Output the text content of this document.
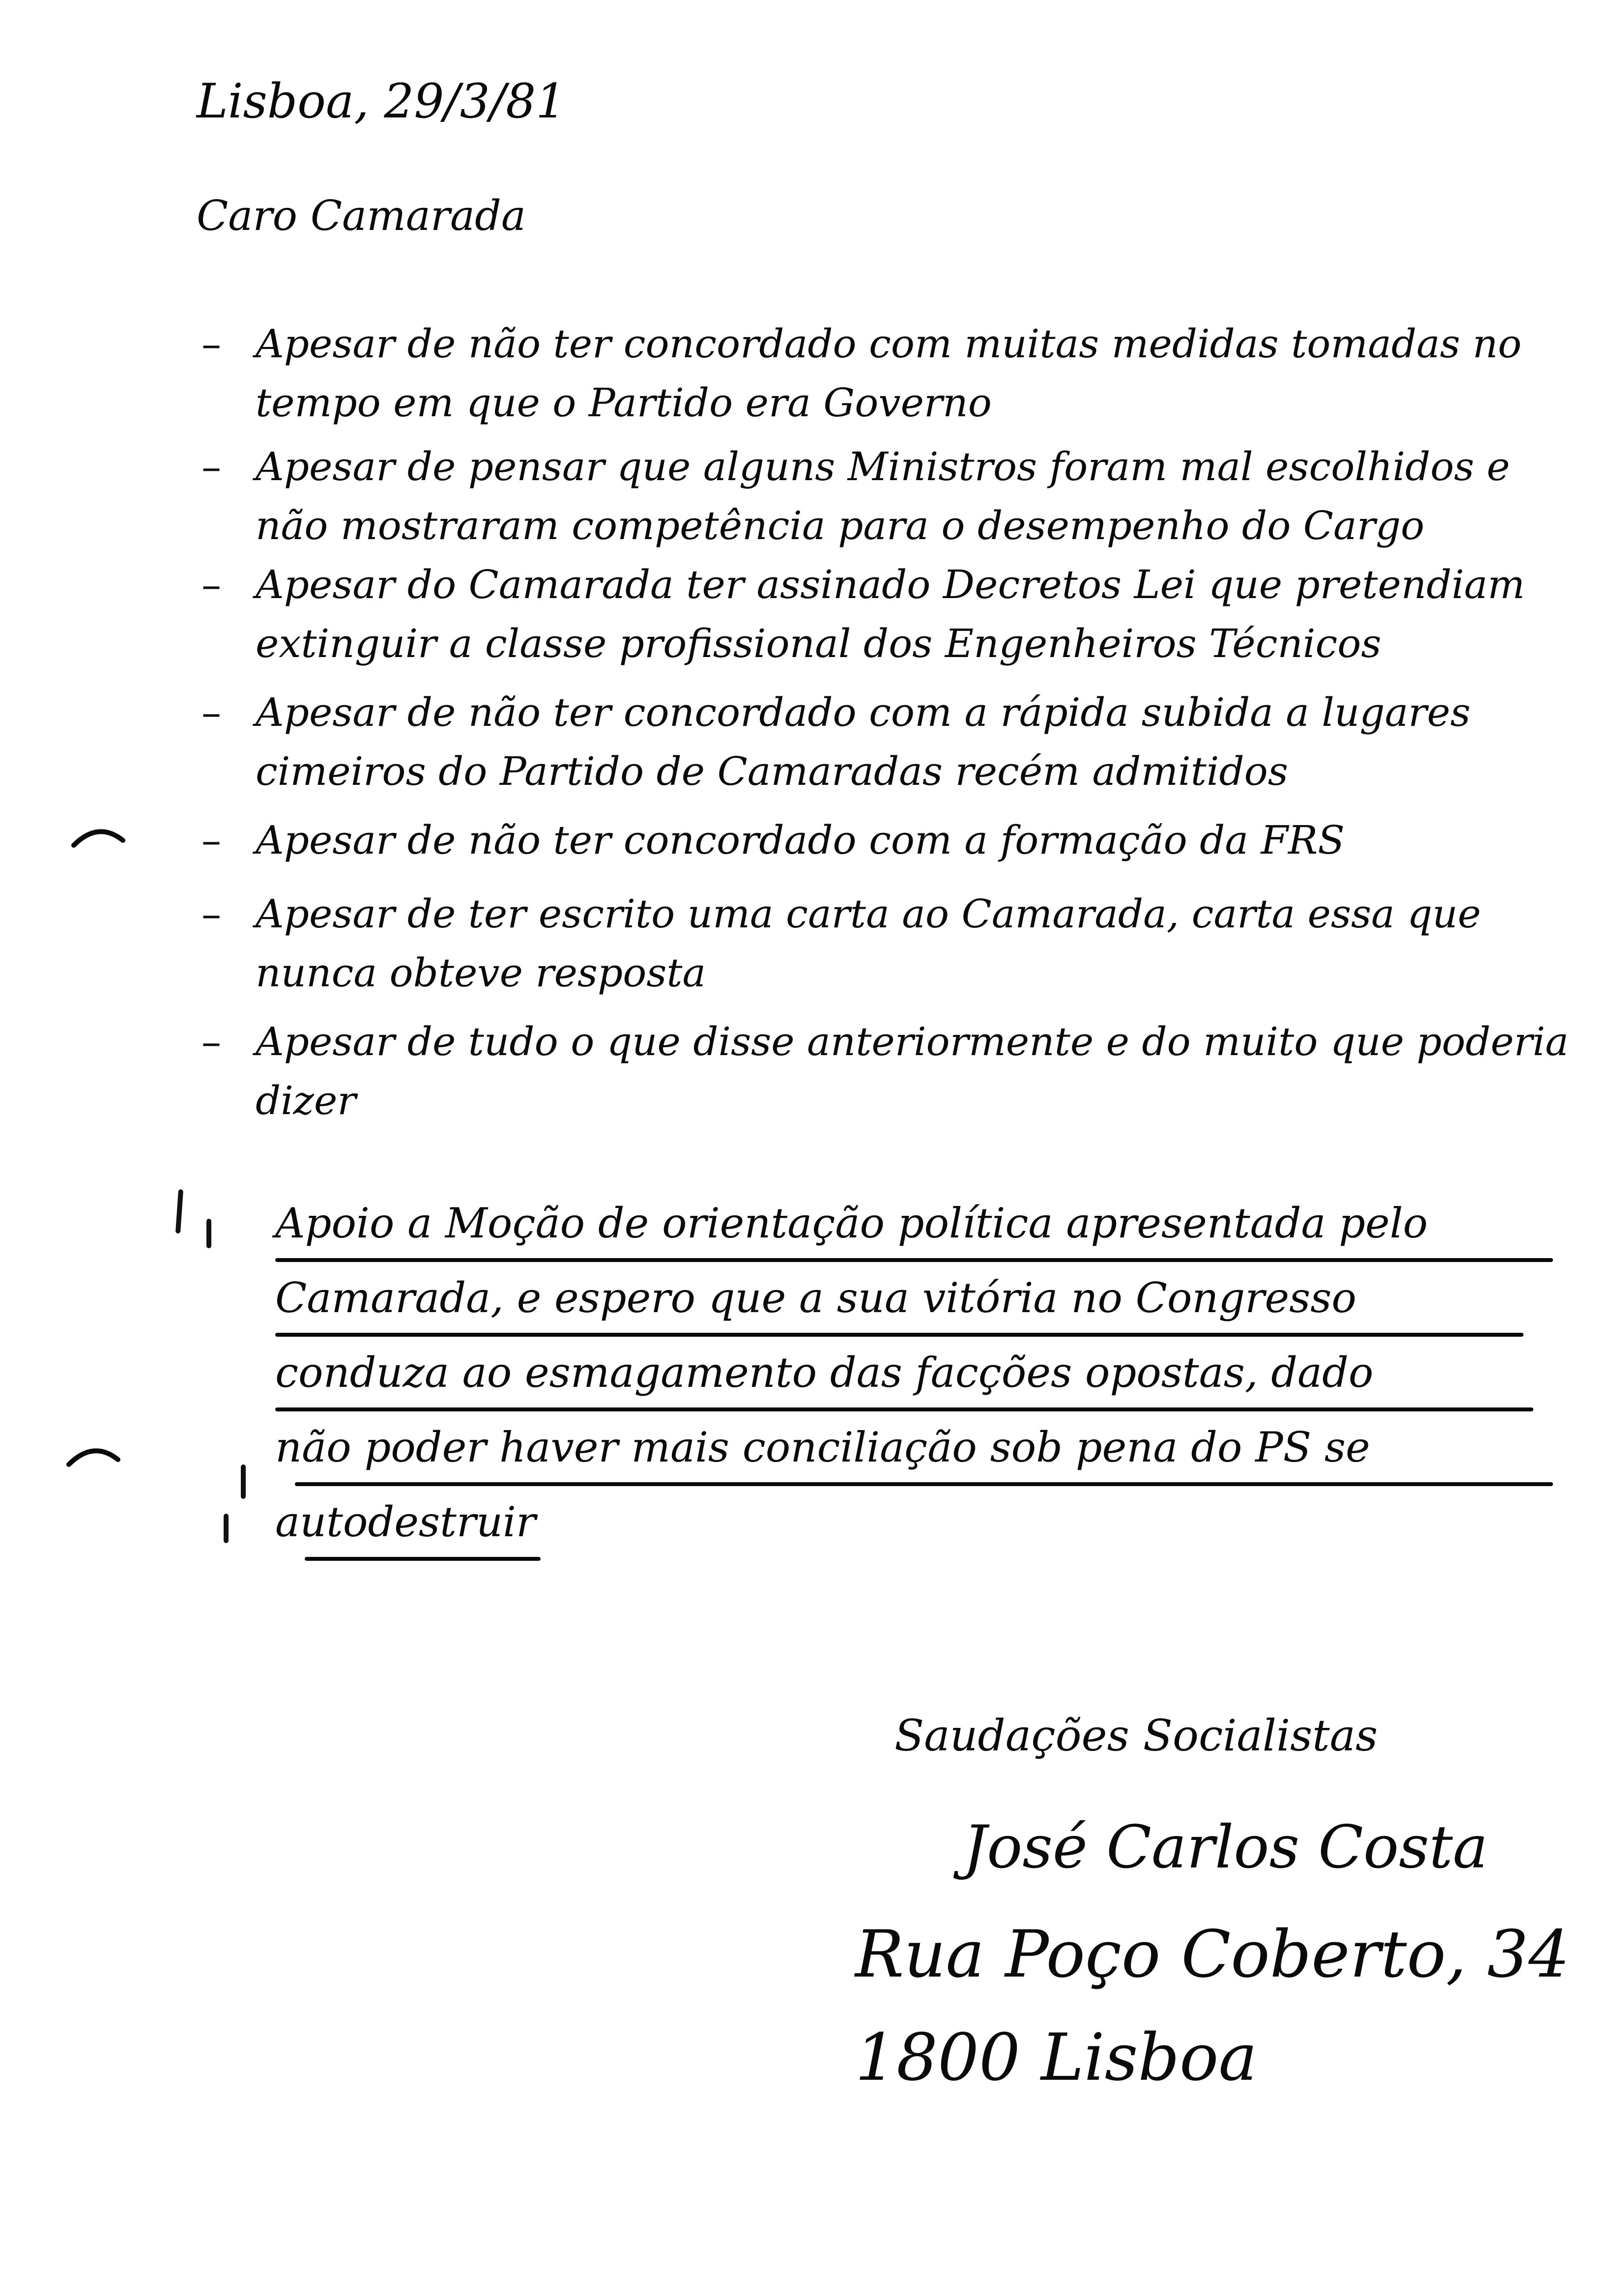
Lisboa, 29/3/81
Caro Camarada
– Apesar de não ter concordado com muitas medidas tomadas no tempo em que o Partido era Governo
– Apesar de pensar que alguns Ministros foram mal escolhidos e não mostraram competência para o desempenho do Cargo
– Apesar do Camarada ter assinado Decretos Lei que pretendiam extinguir a classe profissional dos Engenheiros Técnicos
– Apesar de não ter concordado com a rápida subida a lugares cimeiros do Partido de Camaradas recém admitidos
– Apesar de não ter concordado com a formação da FRS
– Apesar de ter escrito uma carta ao Camarada, carta essa que nunca obteve resposta
– Apesar de tudo o que disse anteriormente e do muito que poderia dizer
Apoio a Moção de orientação política apresentada pelo
Camarada, e espero que a sua vitória no Congresso
conduza ao esmagamento das facções opostas, dado
não poder haver mais conciliação sob pena do PS se
autodestruir
Saudações Socialistas
José Carlos Costa
Rua Poço Coberto, 34
1800 Lisboa
